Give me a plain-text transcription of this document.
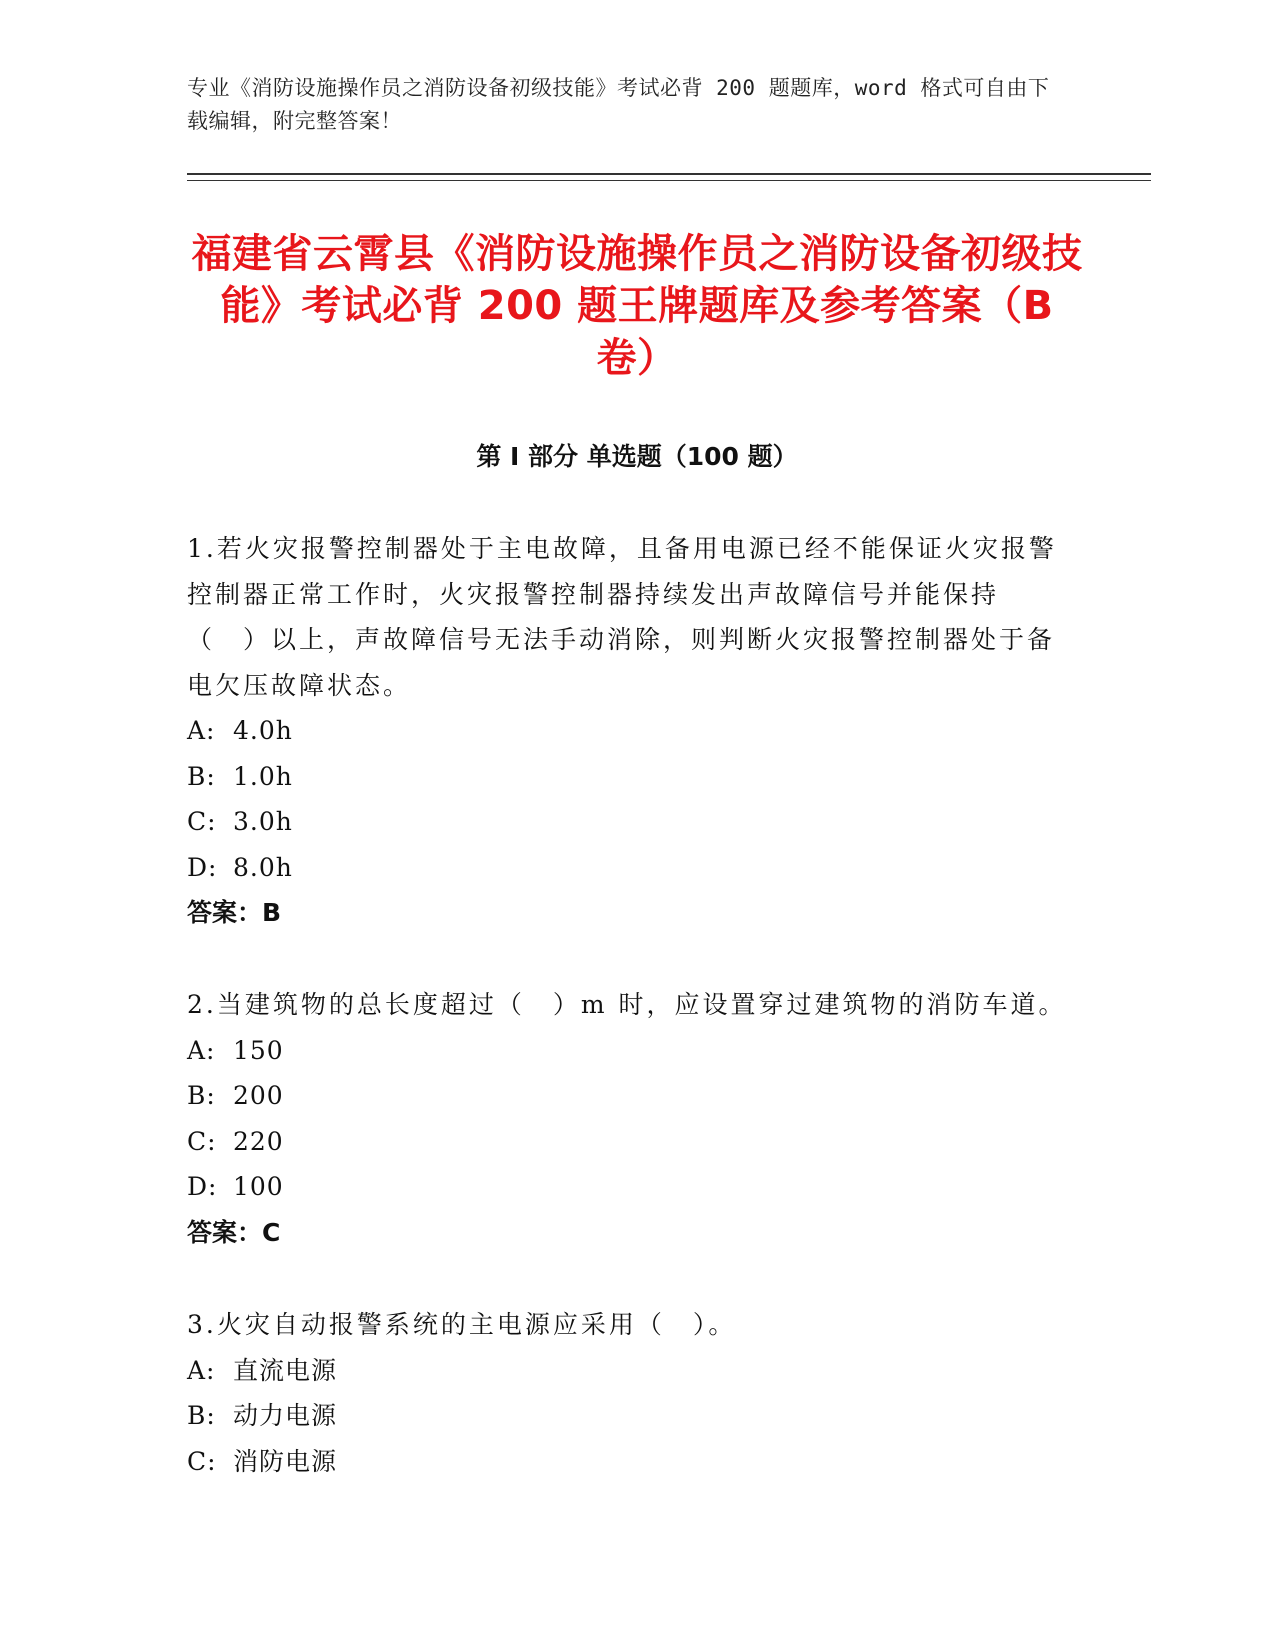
专业《消防设施操作员之消防设备初级技能》考试必背 200 题题库，word 格式可自由下载编辑，附完整答案！
福建省云霄县《消防设施操作员之消防设备初级技能》考试必背 200 题王牌题库及参考答案（B 卷）
第 I 部分 单选题（100 题）

1.若火灾报警控制器处于主电故障，且备用电源已经不能保证火灾报警控制器正常工作时，火灾报警控制器持续发出声故障信号并能保持（　）以上，声故障信号无法手动消除，则判断火灾报警控制器处于备电欠压故障状态。

A: 4.0h

B: 1.0h

C: 3.0h

D: 8.0h

答案：B

2.当建筑物的总长度超过（　）m 时，应设置穿过建筑物的消防车道。

A: 150

B: 200

C: 220

D: 100

答案：C

3.火灾自动报警系统的主电源应采用（　）。

A: 直流电源

B: 动力电源

C: 消防电源
